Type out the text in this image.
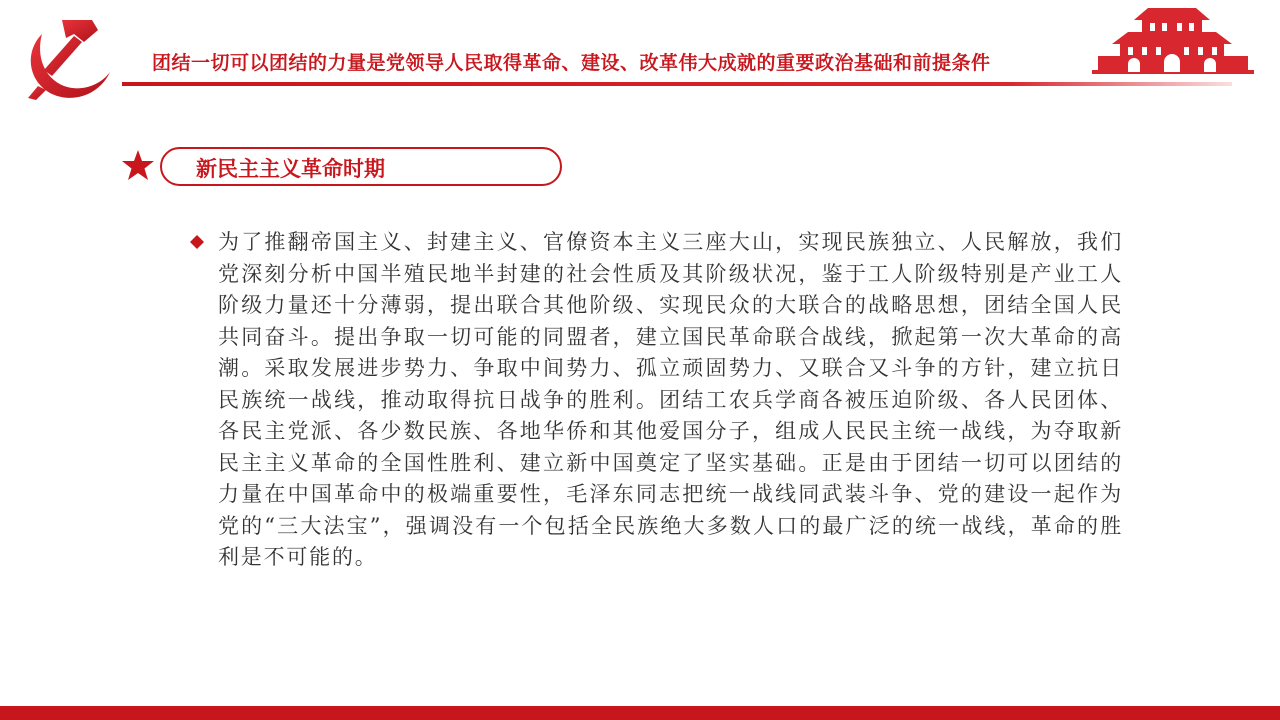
团结一切可以团结的力量是党领导人民取得革命、建设、改革伟大成就的重要政治基础和前提条件
新民主主义革命时期
为了推翻帝国主义、封建主义、官僚资本主义三座大山，实现民族独立、人民解放，我们党深刻分析中国半殖民地半封建的社会性质及其阶级状况，鉴于工人阶级特别是产业工人阶级力量还十分薄弱，提出联合其他阶级、实现民众的大联合的战略思想，团结全国人民共同奋斗。提出争取一切可能的同盟者，建立国民革命联合战线，掀起第一次大革命的高潮。采取发展进步势力、争取中间势力、孤立顽固势力、又联合又斗争的方针，建立抗日民族统一战线，推动取得抗日战争的胜利。团结工农兵学商各被压迫阶级、各人民团体、各民主党派、各少数民族、各地华侨和其他爱国分子，组成人民民主统一战线，为夺取新民主主义革命的全国性胜利、建立新中国奠定了坚实基础。正是由于团结一切可以团结的力量在中国革命中的极端重要性，毛泽东同志把统一战线同武装斗争、党的建设一起作为党的“三大法宝”，强调没有一个包括全民族绝大多数人口的最广泛的统一战线，革命的胜利是不可能的。
